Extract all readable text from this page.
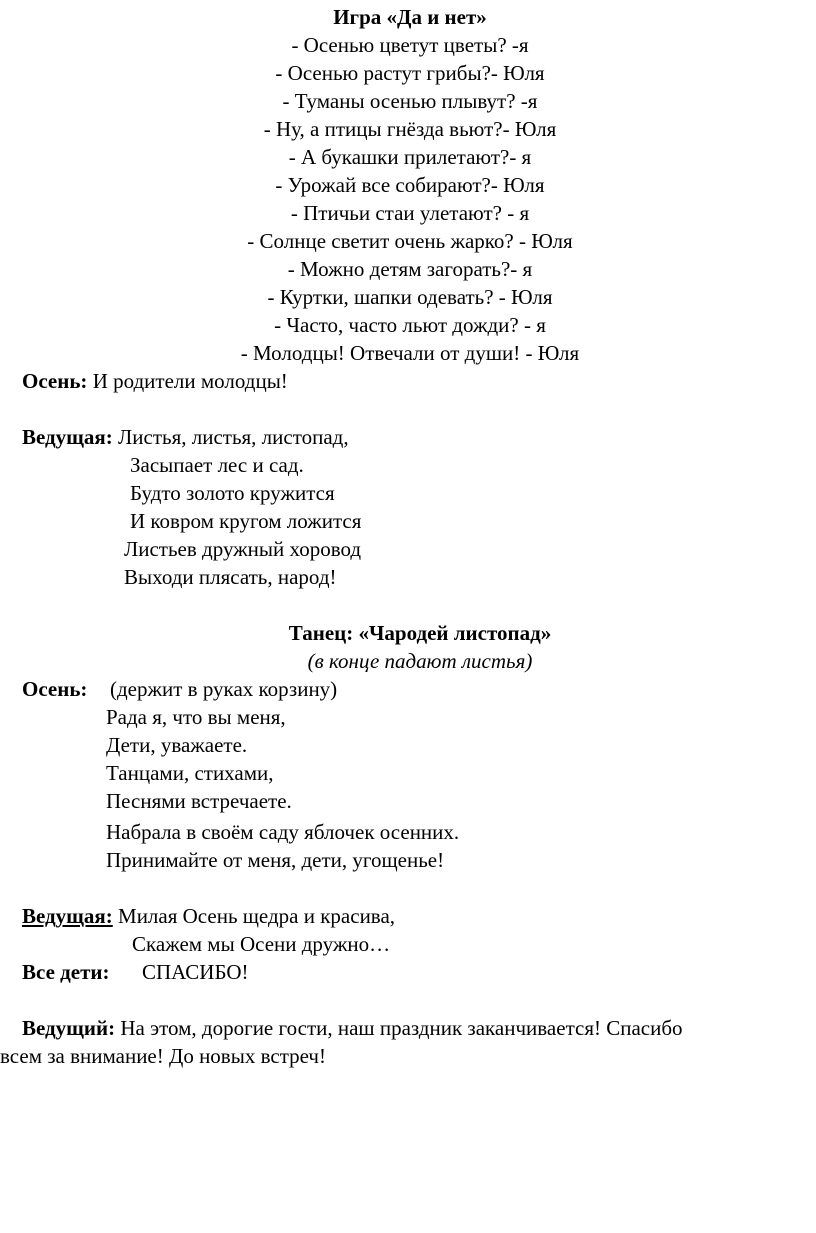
Игра «Да и нет»
- Осенью цветут цветы? -я
- Осенью растут грибы?- Юля
- Туманы осенью плывут? -я
- Ну, а птицы гнёзда вьют?- Юля
- А букашки прилетают?- я
- Урожай все собирают?- Юля
- Птичьи стаи улетают? - я
- Солнце светит очень жарко? - Юля
- Можно детям загорать?- я
- Куртки, шапки одевать? - Юля
- Часто, часто льют дожди? - я
- Молодцы! Отвечали от души! - Юля
Осень: И родители молодцы!
Ведущая: Листья, листья, листопад,
Засыпает лес и сад.
Будто золото кружится
И ковром кругом ложится
Листьев дружный хоровод
Выходи плясать, народ!
Танец: «Чародей листопад»
(в конце падают листья)
Осень: (держит в руках корзину)
Рада я, что вы меня,
Дети, уважаете.
Танцами, стихами,
Песнями встречаете.
Набрала в своём саду яблочек осенних.
Принимайте от меня, дети, угощенье!
Ведущая: Милая Осень щедра и красива,
Скажем мы Осени дружно…
Все дети: СПАСИБО!
Ведущий: На этом, дорогие гости, наш праздник заканчивается! Спасибо
всем за внимание! До новых встреч!
